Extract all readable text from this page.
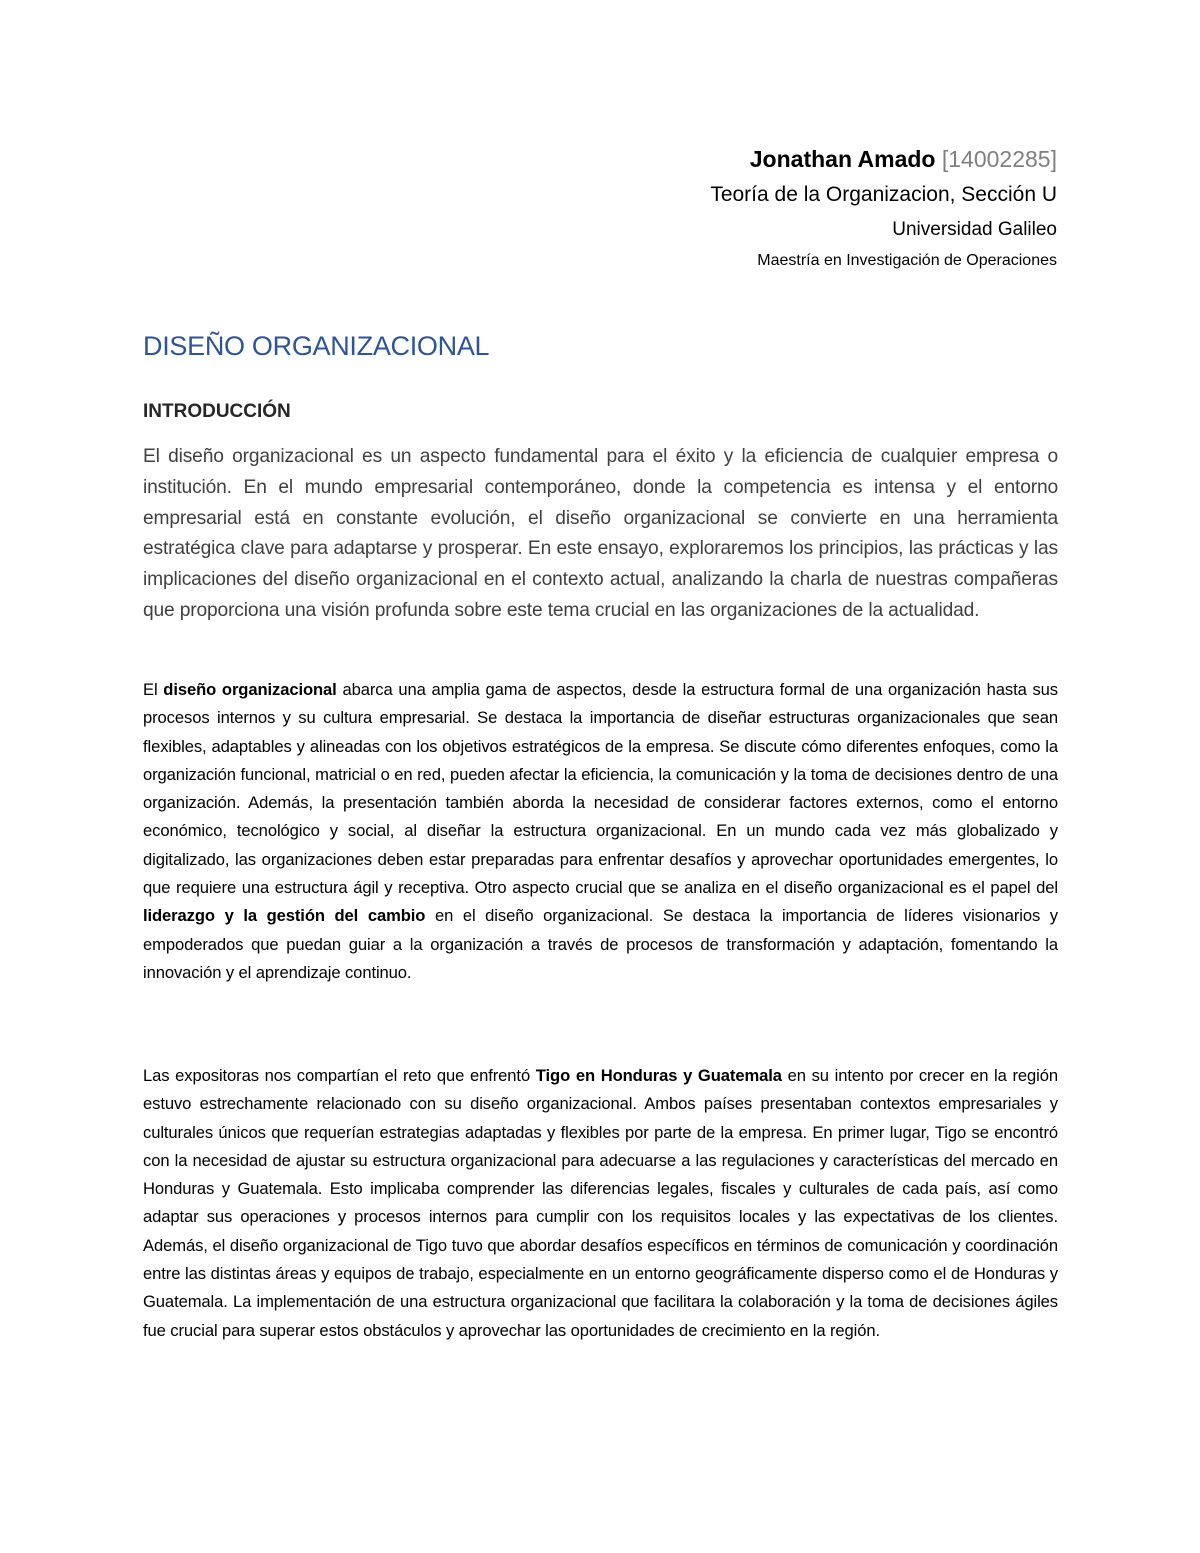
Jonathan Amado [14002285]
Teoría de la Organizacion, Sección U
Universidad Galileo
Maestría en Investigación de Operaciones
DISEÑO ORGANIZACIONAL
INTRODUCCIÓN

El diseño organizacional es un aspecto fundamental para el éxito y la eficiencia de cualquier empresa o institución. En el mundo empresarial contemporáneo, donde la competencia es intensa y el entorno empresarial está en constante evolución, el diseño organizacional se convierte en una herramienta estratégica clave para adaptarse y prosperar. En este ensayo, exploraremos los principios, las prácticas y las implicaciones del diseño organizacional en el contexto actual, analizando la charla de nuestras compañeras que proporciona una visión profunda sobre este tema crucial en las organizaciones de la actualidad.

El diseño organizacional abarca una amplia gama de aspectos, desde la estructura formal de una organización hasta sus procesos internos y su cultura empresarial. Se destaca la importancia de diseñar estructuras organizacionales que sean flexibles, adaptables y alineadas con los objetivos estratégicos de la empresa. Se discute cómo diferentes enfoques, como la organización funcional, matricial o en red, pueden afectar la eficiencia, la comunicación y la toma de decisiones dentro de una organización. Además, la presentación también aborda la necesidad de considerar factores externos, como el entorno económico, tecnológico y social, al diseñar la estructura organizacional. En un mundo cada vez más globalizado y digitalizado, las organizaciones deben estar preparadas para enfrentar desafíos y aprovechar oportunidades emergentes, lo que requiere una estructura ágil y receptiva. Otro aspecto crucial que se analiza en el diseño organizacional es el papel del liderazgo y la gestión del cambio en el diseño organizacional. Se destaca la importancia de líderes visionarios y empoderados que puedan guiar a la organización a través de procesos de transformación y adaptación, fomentando la innovación y el aprendizaje continuo.

Las expositoras nos compartían el reto que enfrentó Tigo en Honduras y Guatemala en su intento por crecer en la región estuvo estrechamente relacionado con su diseño organizacional. Ambos países presentaban contextos empresariales y culturales únicos que requerían estrategias adaptadas y flexibles por parte de la empresa. En primer lugar, Tigo se encontró con la necesidad de ajustar su estructura organizacional para adecuarse a las regulaciones y características del mercado en Honduras y Guatemala. Esto implicaba comprender las diferencias legales, fiscales y culturales de cada país, así como adaptar sus operaciones y procesos internos para cumplir con los requisitos locales y las expectativas de los clientes. Además, el diseño organizacional de Tigo tuvo que abordar desafíos específicos en términos de comunicación y coordinación entre las distintas áreas y equipos de trabajo, especialmente en un entorno geográficamente disperso como el de Honduras y Guatemala. La implementación de una estructura organizacional que facilitara la colaboración y la toma de decisiones ágiles fue crucial para superar estos obstáculos y aprovechar las oportunidades de crecimiento en la región.
